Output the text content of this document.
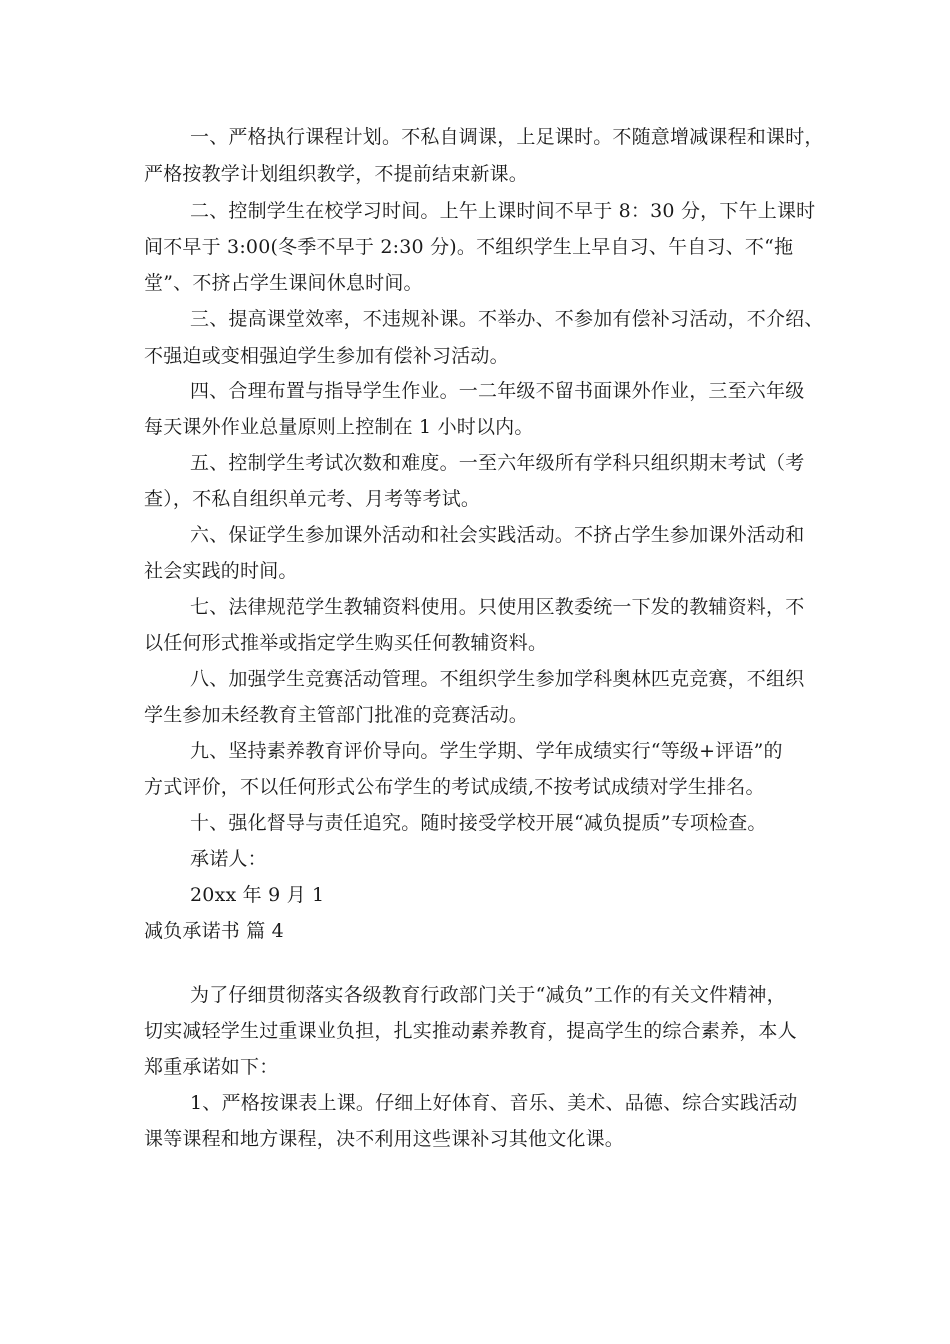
一、严格执行课程计划。不私自调课，上足课时。不随意增减课程和课时，
严格按教学计划组织教学，不提前结束新课。
二、控制学生在校学习时间。上午上课时间不早于 8：30 分，下午上课时
间不早于 3:00(冬季不早于 2:30 分)。不组织学生上早自习、午自习、不“拖
堂”、不挤占学生课间休息时间。
三、提高课堂效率，不违规补课。不举办、不参加有偿补习活动，不介绍、
不强迫或变相强迫学生参加有偿补习活动。
四、合理布置与指导学生作业。一二年级不留书面课外作业，三至六年级
每天课外作业总量原则上控制在 1 小时以内。
五、控制学生考试次数和难度。一至六年级所有学科只组织期末考试（考
查），不私自组织单元考、月考等考试。
六、保证学生参加课外活动和社会实践活动。不挤占学生参加课外活动和
社会实践的时间。
七、法律规范学生教辅资料使用。只使用区教委统一下发的教辅资料，不
以任何形式推举或指定学生购买任何教辅资料。
八、加强学生竞赛活动管理。不组织学生参加学科奥林匹克竞赛，不组织
学生参加未经教育主管部门批准的竞赛活动。
九、坚持素养教育评价导向。学生学期、学年成绩实行“等级+评语”的
方式评价，不以任何形式公布学生的考试成绩,不按考试成绩对学生排名。
十、强化督导与责任追究。随时接受学校开展“减负提质”专项检查。
承诺人：
20xx 年 9 月 1
减负承诺书 篇 4
为了仔细贯彻落实各级教育行政部门关于“减负”工作的有关文件精神，
切实减轻学生过重课业负担，扎实推动素养教育，提高学生的综合素养，本人
郑重承诺如下：
1、严格按课表上课。仔细上好体育、音乐、美术、品德、综合实践活动
课等课程和地方课程，决不利用这些课补习其他文化课。
